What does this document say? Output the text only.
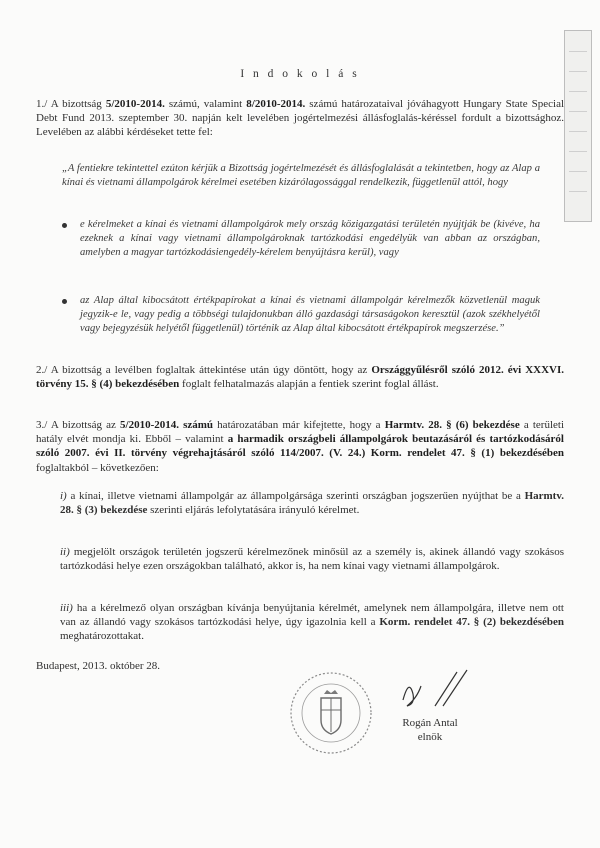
I n d o k o l á s
1./ A bizottság 5/2010-2014. számú, valamint 8/2010-2014. számú határozataival jóváhagyott Hungary State Special Debt Fund 2013. szeptember 30. napján kelt levelében jogértelmezési állásfoglalás-kéréssel fordult a bizottsághoz. Levelében az alábbi kérdéseket tette fel:
„A fentiekre tekintettel ezúton kérjük a Bizottság jogértelmezését és állásfoglalását a tekintetben, hogy az Alap a kínai és vietnami állampolgárok kérelmei esetében kizárólagossággal rendelkezik, függetlenül attól, hogy
e kérelmeket a kínai és vietnami állampolgárok mely ország közigazgatási területén nyújtják be (kivéve, ha ezeknek a kínai vagy vietnami állampolgároknak tartózkodási engedélyük van abban az országban, amelyben a magyar tartózkodásiengedély-kérelem benyújtásra kerül), vagy
az Alap által kibocsátott értékpapírokat a kínai és vietnami állampolgár kérelmezők közvetlenül maguk jegyzik-e le, vagy pedig a többségi tulajdonukban álló gazdasági társaságokon keresztül (azok székhelyétől vagy bejegyzésük helyétől függetlenül) történik az Alap által kibocsátott értékpapírok megszerzése.”
2./ A bizottság a levélben foglaltak áttekintése után úgy döntött, hogy az Országgyűlésről szóló 2012. évi XXXVI. törvény 15. § (4) bekezdésében foglalt felhatalmazás alapján a fentiek szerint foglal állást.
3./ A bizottság az 5/2010-2014. számú határozatában már kifejtette, hogy a Harmtv. 28. § (6) bekezdése a területi hatály elvét mondja ki. Ebből – valamint a harmadik országbeli állampolgárok beutazásáról és tartózkodásáról szóló 2007. évi II. törvény végrehajtásáról szóló 114/2007. (V. 24.) Korm. rendelet 47. § (1) bekezdésében foglaltakból – következően:
i) a kínai, illetve vietnami állampolgár az állampolgársága szerinti országban jogszerűen nyújthat be a Harmtv. 28. § (3) bekezdése szerinti eljárás lefolytatására irányuló kérelmet.
ii) megjelölt országok területén jogszerű kérelmezőnek minősül az a személy is, akinek állandó vagy szokásos tartózkodási helye ezen országokban található, akkor is, ha nem kínai vagy vietnami állampolgárok.
iii) ha a kérelmező olyan országban kívánja benyújtania kérelmét, amelynek nem állampolgára, illetve nem ott van az állandó vagy szokásos tartózkodási helye, úgy igazolnia kell a Korm. rendelet 47. § (2) bekezdésében meghatározottakat.
Budapest, 2013. október 28.
Rogán Antal
elnök
